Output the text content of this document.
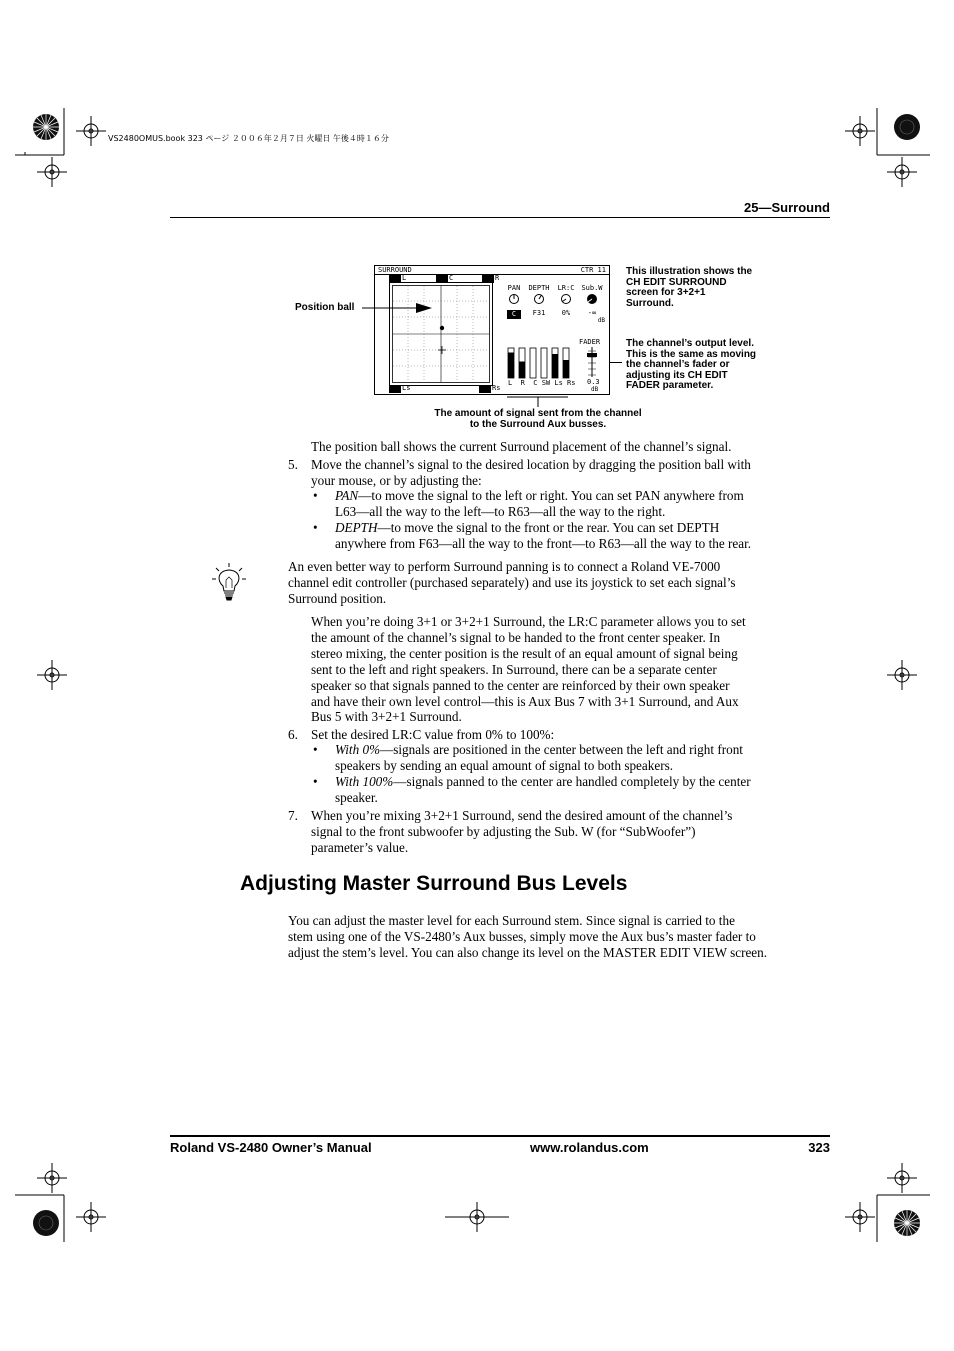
VS2480OMUS.book 323 ページ ２００６年２月７日 火曜日 午後４時１６分
25—Surround
SURROUND	CTR 11
L	C	R
Ls	Rs
PAN
C
DEPTH
F31
LR:C
0%
Sub.W
-∞
dB
FADER
0.3
dB
L  R  C SW Ls Rs
Position ball
This illustration shows the
CH EDIT SURROUND
screen for 3+2+1
Surround.
The channel’s output level.
This is the same as moving
the channel’s fader or
adjusting its CH EDIT
FADER parameter.
The amount of signal sent from the channel
to the Surround Aux busses.
The position ball shows the current Surround placement of the channel’s signal.
5. Move the channel’s signal to the desired location by dragging the position ball with
your mouse, or by adjusting the:
• PAN—to move the signal to the left or right. You can set PAN anywhere from
L63—all the way to the left—to R63—all the way to the right.
• DEPTH—to move the signal to the front or the rear. You can set DEPTH
anywhere from F63—all the way to the front—to R63—all the way to the rear.
An even better way to perform Surround panning is to connect a Roland VE-7000
channel edit controller (purchased separately) and use its joystick to set each signal’s
Surround position.
When you’re doing 3+1 or 3+2+1 Surround, the LR:C parameter allows you to set
the amount of the channel’s signal to be handed to the front center speaker. In
stereo mixing, the center position is the result of an equal amount of signal being
sent to the left and right speakers. In Surround, there can be a separate center
speaker so that signals panned to the center are reinforced by their own speaker
and have their own level control—this is Aux Bus 7 with 3+1 Surround, and Aux
Bus 5 with 3+2+1 Surround.
6. Set the desired LR:C value from 0% to 100%:
• With 0%—signals are positioned in the center between the left and right front
speakers by sending an equal amount of signal to both speakers.
• With 100%—signals panned to the center are handled completely by the center
speaker.
7. When you’re mixing 3+2+1 Surround, send the desired amount of the channel’s
signal to the front subwoofer by adjusting the Sub. W (for “SubWoofer”)
parameter’s value.
Adjusting Master Surround Bus Levels
You can adjust the master level for each Surround stem. Since signal is carried to the
stem using one of the VS-2480’s Aux busses, simply move the Aux bus’s master fader to
adjust the stem’s level. You can also change its level on the MASTER EDIT VIEW screen.
Roland VS-2480 Owner’s Manual	www.rolandus.com	323
